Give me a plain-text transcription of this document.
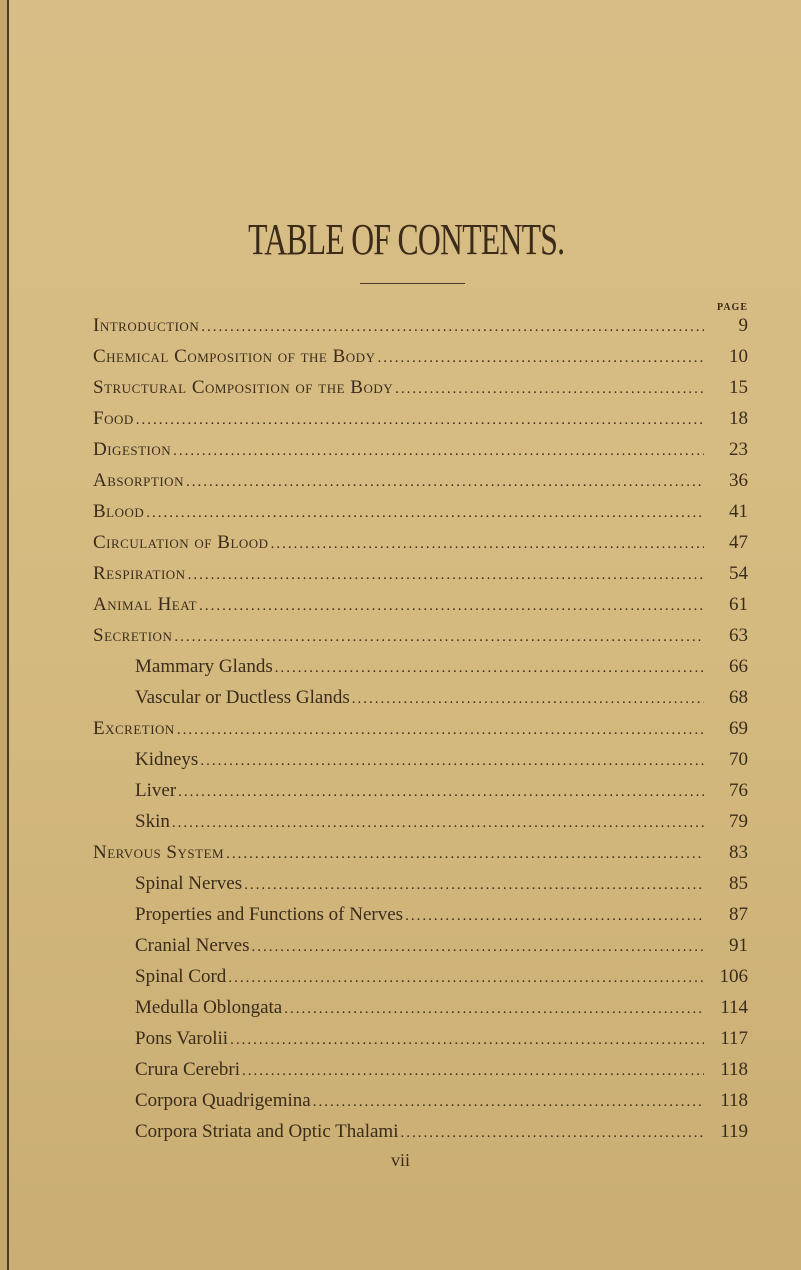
TABLE OF CONTENTS.
PAGE
Introduction .....	9
Chemical Composition of the Body .....	10
Structural Composition of the Body .....	15
Food .....	18
Digestion .....	23
Absorption .....	36
Blood .....	41
Circulation of Blood .....	47
Respiration .....	54
Animal Heat .....	61
Secretion .....	63
Mammary Glands .....	66
Vascular or Ductless Glands .....	68
Excretion .....	69
Kidneys .....	70
Liver .....	76
Skin .....	79
Nervous System .....	83
Spinal Nerves .....	85
Properties and Functions of Nerves .....	87
Cranial Nerves .....	91
Spinal Cord .....	106
Medulla Oblongata .....	114
Pons Varolii .....	117
Crura Cerebri .....	118
Corpora Quadrigemina .....	118
Corpora Striata and Optic Thalami .....	119
vii
